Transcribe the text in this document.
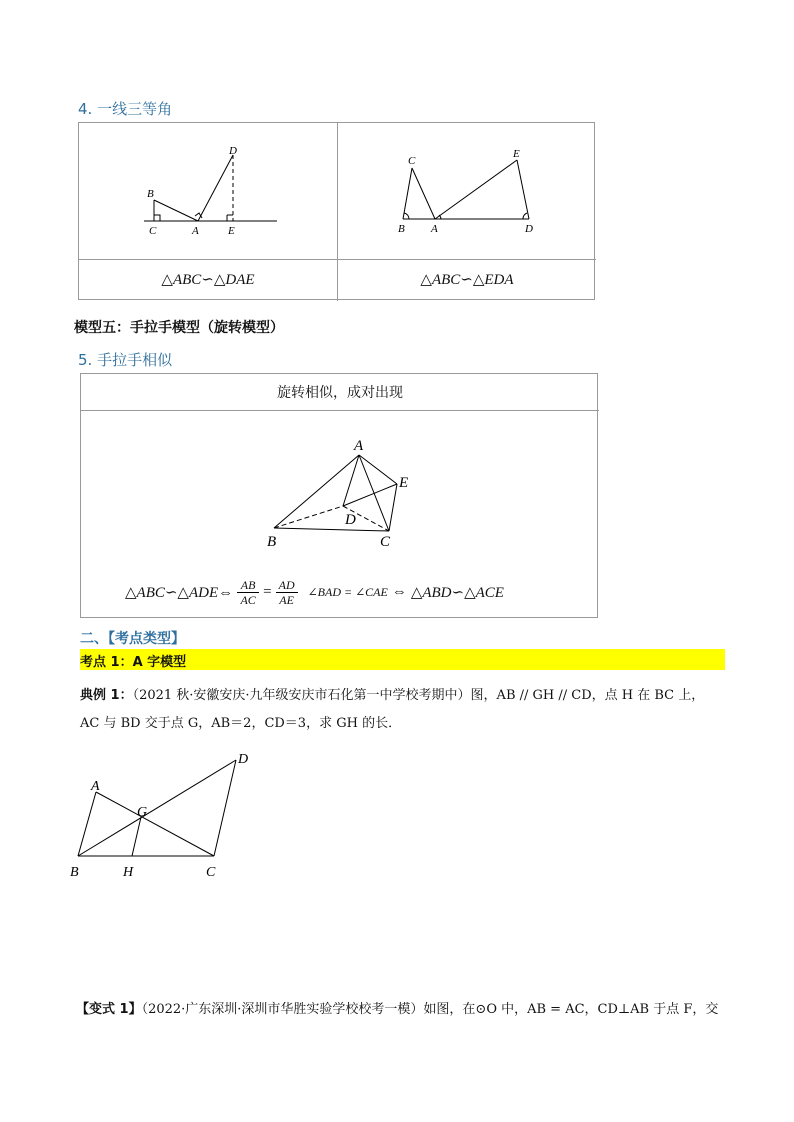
4. 一线三等角
D
B
C	A	E
C
E
B A	D
△ABC∽△DAE	△ABC∽△EDA
模型五：手拉手模型（旋转模型）
5. 手拉手相似
旋转相似，成对出现
A
E
D
B	C
△ABC∽△ADE⇔ AB
AC = AD
AE
∠BAD = ∠CAE ⇔ △ABD∽△ACE
二、【考点类型】
考点 1：A 字模型
典例 1：（2021 秋·安徽安庆·九年级安庆市石化第一中学校考期中）图，AB // GH // CD，点 H 在 BC 上，
AC 与 BD 交于点 G，AB＝2，CD＝3，求 GH 的长．
D
A
G
B	H	C
【变式 1】（2022·广东深圳·深圳市华胜实验学校校考一模）如图，在⊙O 中，AB = AC，CD⊥AB 于点 F，交
